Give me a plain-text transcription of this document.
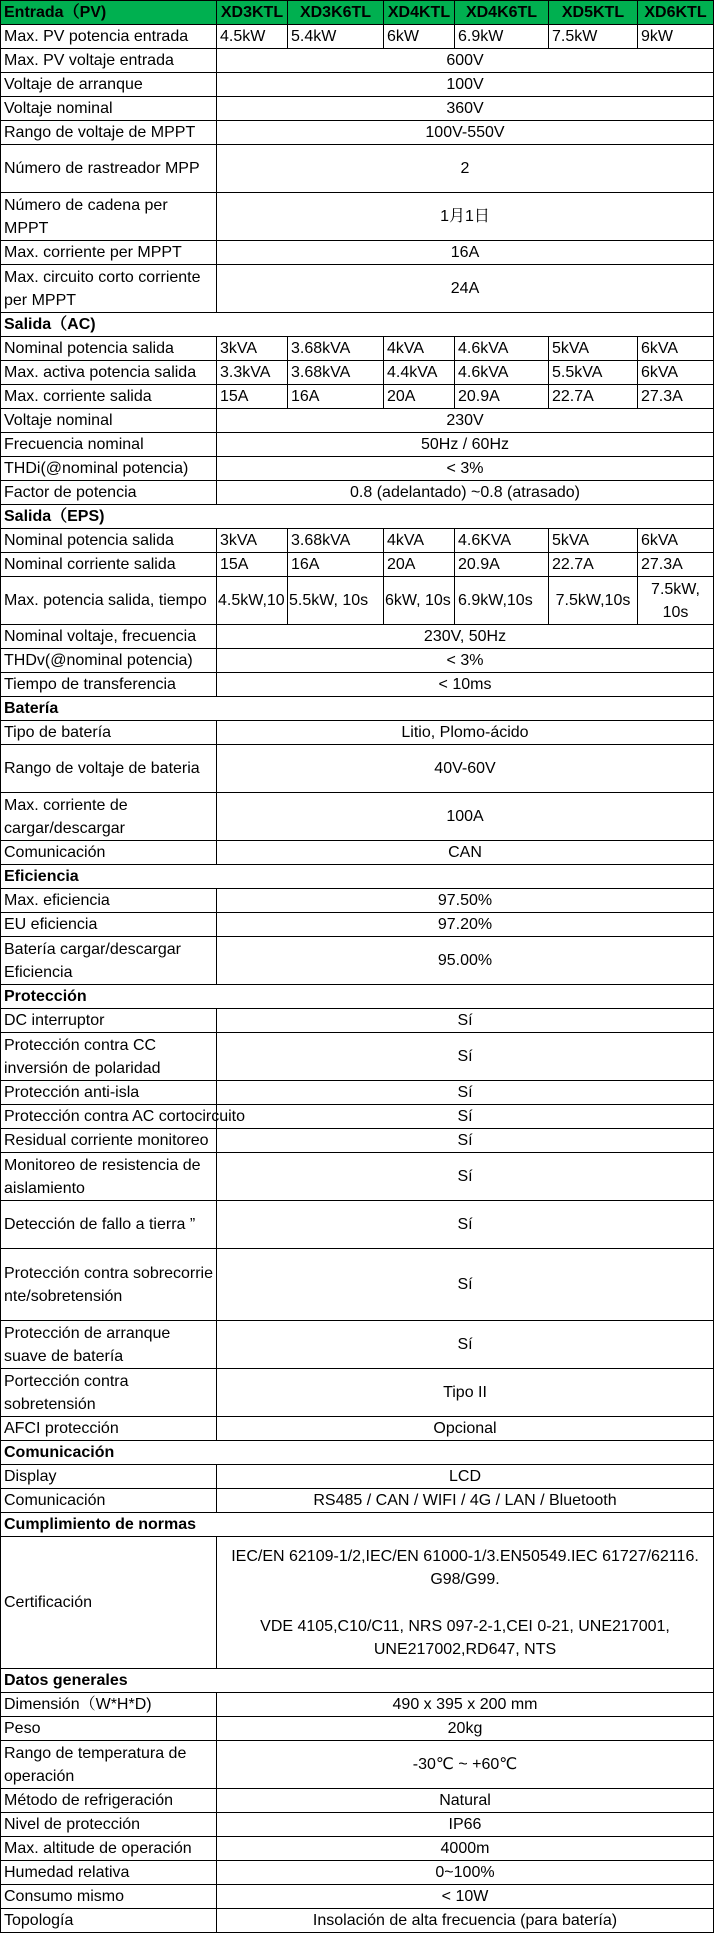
Entrada（PV)	XD3KTL	XD3K6TL	XD4KTL	XD4K6TL	XD5KTL	XD6KTL
Max. PV potencia entrada	4.5kW	5.4kW	6kW	6.9kW	7.5kW	9kW
Max. PV voltaje entrada	600V					
Voltaje de arranque	100V					
Voltaje nominal	360V					
Rango de voltaje de MPPT	100V-550V					
Número de rastreador MPP	2					
Número de cadena per MPPT	1月1日					
Max. corriente per MPPT	16A					
Max. circuito corto corriente per MPPT	24A					
Salida（AC)						
Nominal potencia salida	3kVA	3.68kVA	4kVA	4.6kVA	5kVA	6kVA
Max. activa potencia salida	3.3kVA	3.68kVA	4.4kVA	4.6kVA	5.5kVA	6kVA
Max. corriente salida	15A	16A	20A	20.9A	22.7A	27.3A
Voltaje nominal	230V					
Frecuencia nominal	50Hz / 60Hz					
THDi(@nominal potencia)	< 3%					
Factor de potencia	0.8 (adelantado) ~0.8 (atrasado)					
Salida（EPS)						
Nominal potencia salida	3kVA	3.68kVA	4kVA	4.6KVA	5kVA	6kVA
Nominal corriente salida	15A	16A	20A	20.9A	22.7A	27.3A
Max. potencia salida, tiempo	4.5kW,10	5.5kW, 10s	6kW, 10s	6.9kW,10s	7.5kW,10s	7.5kW, 10s
Nominal voltaje, frecuencia	230V, 50Hz					
THDv(@nominal potencia)	< 3%					
Tiempo de transferencia	< 10ms					
Batería						
Tipo de batería	Litio, Plomo-ácido					
Rango de voltaje de bateria	40V-60V					
Max. corriente de cargar/descargar	100A					
Comunicación	CAN					
Eficiencia						
Max. eficiencia	97.50%					
EU eficiencia	97.20%					
Batería cargar/descargar Eficiencia	95.00%					
Protección						
DC interruptor	Sí					
Protección contra CC inversión de polaridad	Sí					
Protección anti-isla	Sí					
Protección contra AC cortocircuito	Sí					
Residual corriente monitoreo	Sí					
Monitoreo de resistencia de aislamiento	Sí					
Detección de fallo a tierra ”	Sí					
Protección contra sobrecorriente/sobretensión	Sí					
Protección de arranque suave de batería	Sí					
Portección contra sobretensión	Tipo II					
AFCI protección	Opcional					
Comunicación						
Display	LCD					
Comunicación	RS485 / CAN / WIFI / 4G / LAN / Bluetooth					
Cumplimiento de normas						
Certificación	IEC/EN 62109-1/2,IEC/EN 61000-1/3.EN50549.IEC 61727/62116. G98/G99.
VDE 4105,C10/C11, NRS 097-2-1,CEI 0-21, UNE217001, UNE217002,RD647, NTS					
Datos generales						
Dimensión（W*H*D)	490 x 395 x 200 mm					
Peso	20kg					
Rango de temperatura de operación	-30℃ ~ +60℃					
Método de refrigeración	Natural					
Nivel de protección	IP66					
Max. altitude de operación	4000m					
Humedad relativa	0~100%					
Consumo mismo	< 10W					
Topología	Insolación de alta frecuencia (para batería)					
